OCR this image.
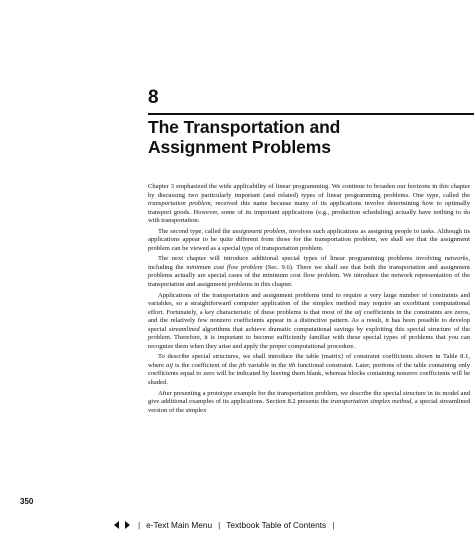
8
The Transportation and
Assignment Problems

Chapter 3 emphasized the wide applicability of linear programming. We continue to broaden our horizons in this chapter by discussing two particularly important (and related) types of linear programming problems. One type, called the transportation problem, received this name because many of its applications involve determining how to optimally transport goods. However, some of its important applications (e.g., production scheduling) actually have nothing to do with transportation.

The second type, called the assignment problem, involves such applications as assigning people to tasks. Although its applications appear to be quite different from those for the transportation problem, we shall see that the assignment problem can be viewed as a special type of transportation problem.

The next chapter will introduce additional special types of linear programming problems involving networks, including the minimum cost flow problem (Sec. 9.6). There we shall see that both the transportation and assignment problems actually are special cases of the minimum cost flow problem. We introduce the network representation of the transportation and assignment problems in this chapter.

Applications of the transportation and assignment problems tend to require a very large number of constraints and variables, so a straightforward computer application of the simplex method may require an exorbitant computational effort. Fortunately, a key characteristic of these problems is that most of the aij coefficients in the constraints are zeros, and the relatively few nonzero coefficients appear in a distinctive pattern. As a result, it has been possible to develop special streamlined algorithms that achieve dramatic computational savings by exploiting this special structure of the problem. Therefore, it is important to become sufficiently familiar with these special types of problems that you can recognize them when they arise and apply the proper computational procedure.

To describe special structures, we shall introduce the table (matrix) of constraint coefficients shown in Table 8.1, where aij is the coefficient of the jth variable in the ith functional constraint. Later, portions of the table containing only coefficients equal to zero will be indicated by leaving them blank, whereas blocks containing nonzero coefficients will be shaded.

After presenting a prototype example for the transportation problem, we describe the special structure in its model and give additional examples of its applications. Section 8.2 presents the transportation simplex method, a special streamlined version of the simplex

350
| e-Text Main Menu | Textbook Table of Contents |
